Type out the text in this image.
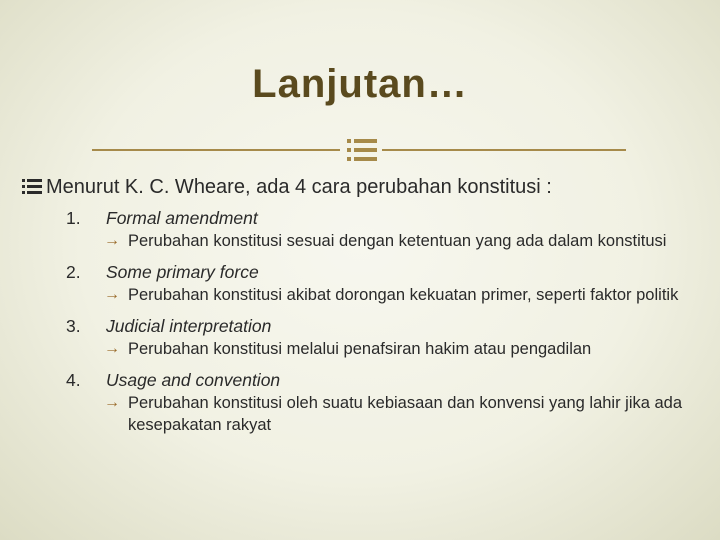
Lanjutan…
Menurut K. C. Wheare, ada 4 cara perubahan konstitusi :
1. Formal amendment
→ Perubahan konstitusi sesuai dengan ketentuan yang ada dalam konstitusi
2. Some primary force
→ Perubahan konstitusi akibat dorongan kekuatan primer, seperti faktor politik
3. Judicial interpretation
→ Perubahan konstitusi melalui penafsiran hakim atau pengadilan
4. Usage and convention
→ Perubahan konstitusi oleh suatu kebiasaan dan konvensi yang lahir jika ada kesepakatan rakyat
